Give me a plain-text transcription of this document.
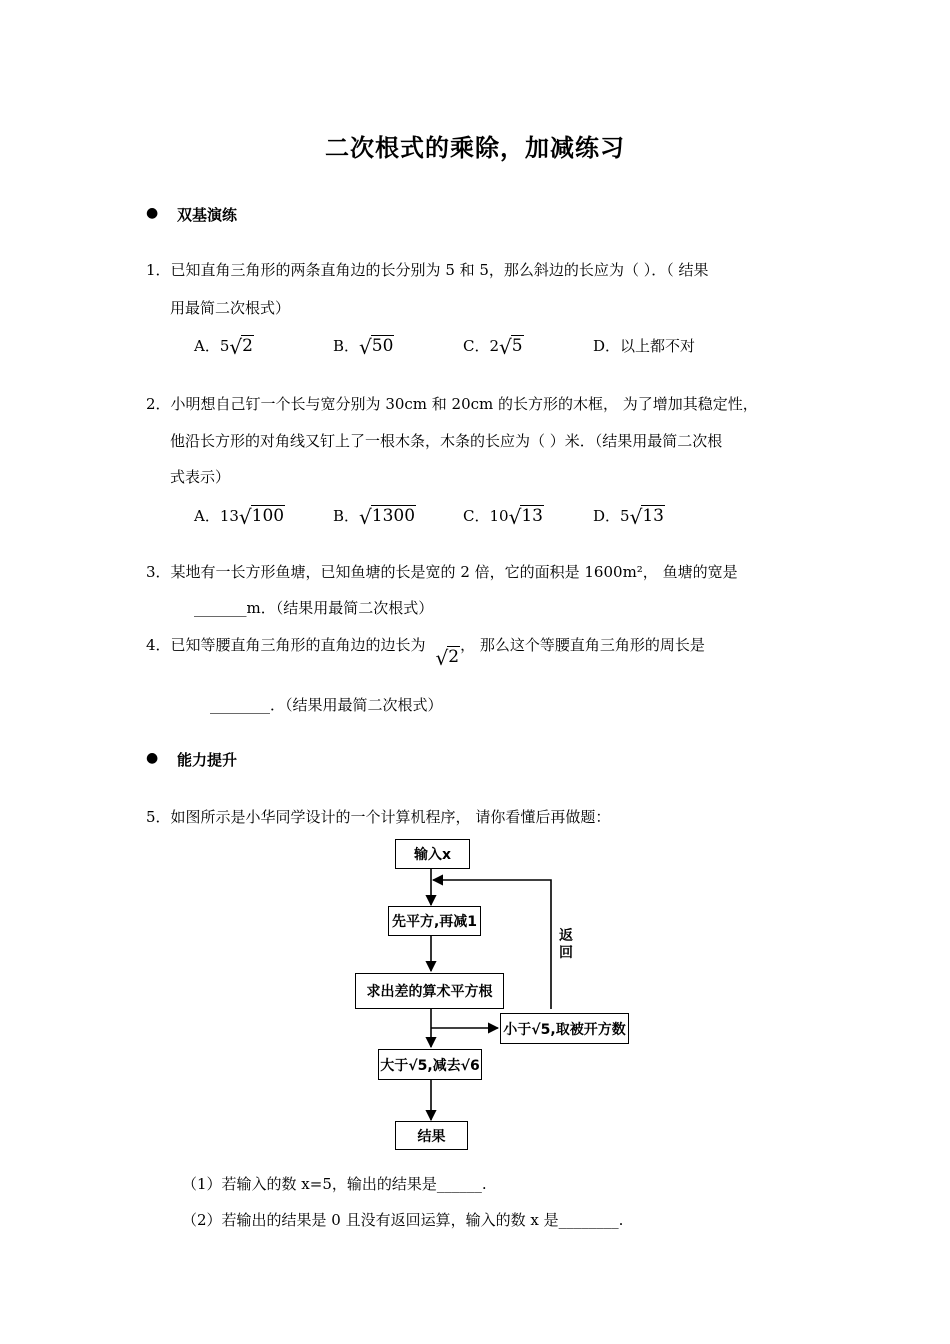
二次根式的乘除，加减练习
● 双基演练
1．已知直角三角形的两条直角边的长分别为 5 和 5，那么斜边的长应为（ ）．（ 结果
用最简二次根式）
A．5√2	B．√50	C．2√5	D．以上都不对
2．小明想自己钉一个长与宽分别为 30cm 和 20cm 的长方形的木框， 为了增加其稳定性，
他沿长方形的对角线又钉上了一根木条，木条的长应为（ ）米．（结果用最简二次根
式表示）
A．13√100	B．√1300	C．10√13	D．5√13
3．某地有一长方形鱼塘，已知鱼塘的长是宽的 2 倍，它的面积是 1600m²， 鱼塘的宽是
_______m．（结果用最简二次根式）
4．已知等腰直角三角形的直角边的边长为√2， 那么这个等腰直角三角形的周长是
________．（结果用最简二次根式）
● 能力提升
5．如图所示是小华同学设计的一个计算机程序， 请你看懂后再做题：
输入x
先平方,再减1
求出差的算术平方根
小于√5,取被开方数
大于√5,减去√6
结果
返回
（1）若输入的数 x=5，输出的结果是______.
（2）若输出的结果是 0 且没有返回运算，输入的数 x 是________.
